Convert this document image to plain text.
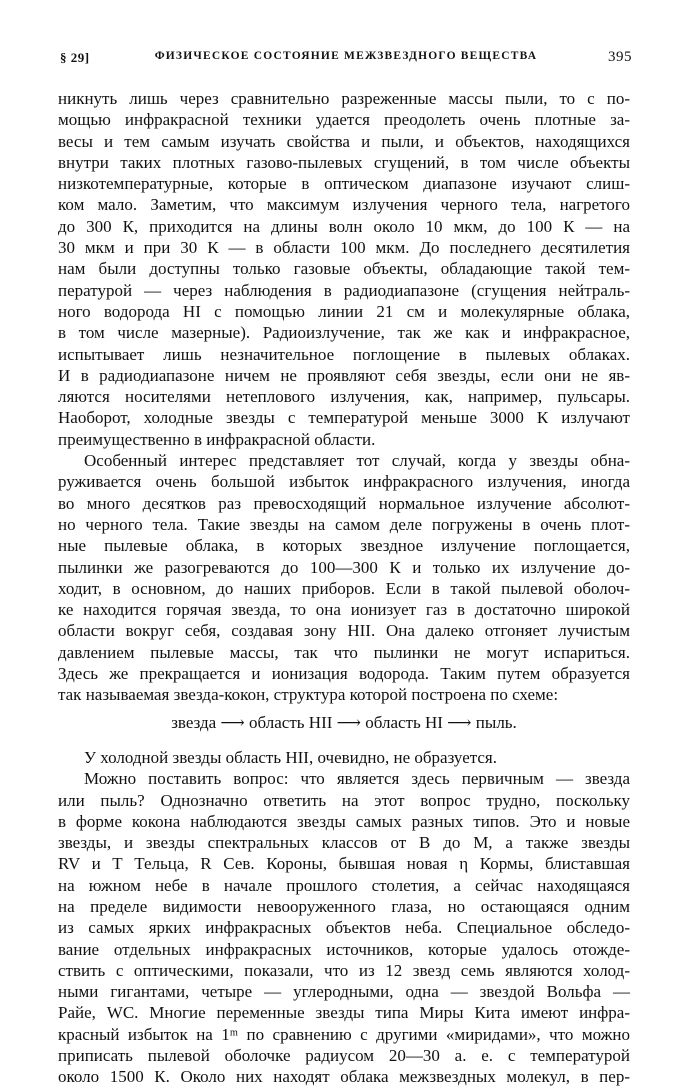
§ 29]	ФИЗИЧЕСКОЕ СОСТОЯНИЕ МЕЖЗВЕЗДНОГО ВЕЩЕСТВА	395

никнуть лишь через сравнительно разреженные массы пыли, то с по-

мощью инфракрасной техники удается преодолеть очень плотные за-

весы и тем самым изучать свойства и пыли, и объектов, находящихся

внутри таких плотных газово-пылевых сгущений, в том числе объекты

низкотемпературные, которые в оптическом диапазоне изучают слиш-

ком мало. Заметим, что максимум излучения черного тела, нагретого

до 300 К, приходится на длины волн около 10 мкм, до 100 К — на

30 мкм и при 30 К — в области 100 мкм. До последнего десятилетия

нам были доступны только газовые объекты, обладающие такой тем-

пературой — через наблюдения в радиодиапазоне (сгущения нейтраль-

ного водорода HI с помощью линии 21 см и молекулярные облака,

в том числе мазерные). Радиоизлучение, так же как и инфракрасное,

испытывает лишь незначительное поглощение в пылевых облаках.

И в радиодиапазоне ничем не проявляют себя звезды, если они не яв-

ляются носителями нетеплового излучения, как, например, пульсары.

Наоборот, холодные звезды с температурой меньше 3000 К излучают

преимущественно в инфракрасной области.

Особенный интерес представляет тот случай, когда у звезды обна-

руживается очень большой избыток инфракрасного излучения, иногда

во много десятков раз превосходящий нормальное излучение абсолют-

но черного тела. Такие звезды на самом деле погружены в очень плот-

ные пылевые облака, в которых звездное излучение поглощается,

пылинки же разогреваются до 100—300 К и только их излучение до-

ходит, в основном, до наших приборов. Если в такой пылевой оболоч-

ке находится горячая звезда, то она ионизует газ в достаточно широкой

области вокруг себя, создавая зону HII. Она далеко отгоняет лучистым

давлением пылевые массы, так что пылинки не могут испариться.

Здесь же прекращается и ионизация водорода. Таким путем образуется

так называемая звезда-кокон, структура которой построена по схеме:

звезда ⟶ область HII ⟶ область HI ⟶ пыль.

У холодной звезды область HII, очевидно, не образуется.

Можно поставить вопрос: что является здесь первичным — звезда

или пыль? Однозначно ответить на этот вопрос трудно, поскольку

в форме кокона наблюдаются звезды самых разных типов. Это и новые

звезды, и звезды спектральных классов от В до М, а также звезды

RV и Т Тельца, R Сев. Короны, бывшая новая η Кормы, блиставшая

на южном небе в начале прошлого столетия, а сейчас находящаяся

на пределе видимости невооруженного глаза, но остающаяся одним

из самых ярких инфракрасных объектов неба. Специальное обследо-

вание отдельных инфракрасных источников, которые удалось отожде-

ствить с оптическими, показали, что из 12 звезд семь являются холод-

ными гигантами, четыре — углеродными, одна — звездой Вольфа —

Райе, WC. Многие переменные звезды типа Миры Кита имеют инфра-

красный избыток на 1ᵐ по сравнению с другими «миридами», что можно

приписать пылевой оболочке радиусом 20—30 а. е. с температурой

около 1500 К. Около них находят облака межзвездных молекул, в пер-
